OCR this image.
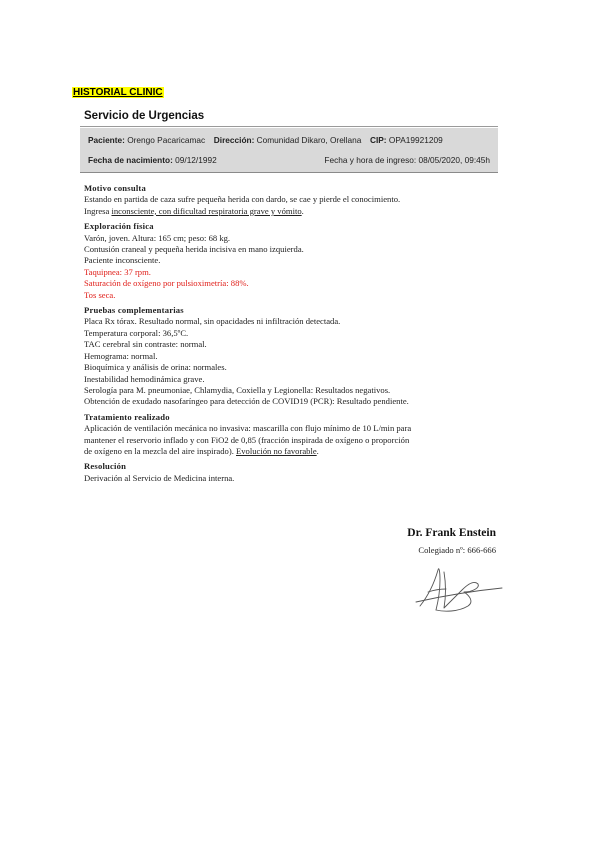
HISTORIAL CLINIC
Servicio de Urgencias
Paciente: Orengo Pacaricamac Dirección: Comunidad Dikaro, Orellana CIP: OPA19921209
Fecha de nacimiento: 09/12/1992	Fecha y hora de ingreso: 08/05/2020, 09:45h
Motivo consulta
Estando en partida de caza sufre pequeña herida con dardo, se cae y pierde el conocimiento.
Ingresa inconsciente, con dificultad respiratoria grave y vómito.
Exploración física
Varón, joven. Altura: 165 cm; peso: 68 kg.
Contusión craneal y pequeña herida incisiva en mano izquierda.
Paciente inconsciente.
Taquipnea: 37 rpm.
Saturación de oxígeno por pulsioximetría: 88%.
Tos seca.
Pruebas complementarias
Placa Rx tórax. Resultado normal, sin opacidades ni infiltración detectada.
Temperatura corporal: 36,5ºC.
TAC cerebral sin contraste: normal.
Hemograma: normal.
Bioquímica y análisis de orina: normales.
Inestabilidad hemodinámica grave.
Serología para M. pneumoniae, Chlamydia, Coxiella y Legionella: Resultados negativos.
Obtención de exudado nasofaríngeo para detección de COVID19 (PCR): Resultado pendiente.
Tratamiento realizado
Aplicación de ventilación mecánica no invasiva: mascarilla con flujo mínimo de 10 L/min para
mantener el reservorio inflado y con FiO2 de 0,85 (fracción inspirada de oxígeno o proporción
de oxígeno en la mezcla del aire inspirado). Evolución no favorable.
Resolución
Derivación al Servicio de Medicina interna.
Dr. Frank Enstein
Colegiado nº: 666-666
